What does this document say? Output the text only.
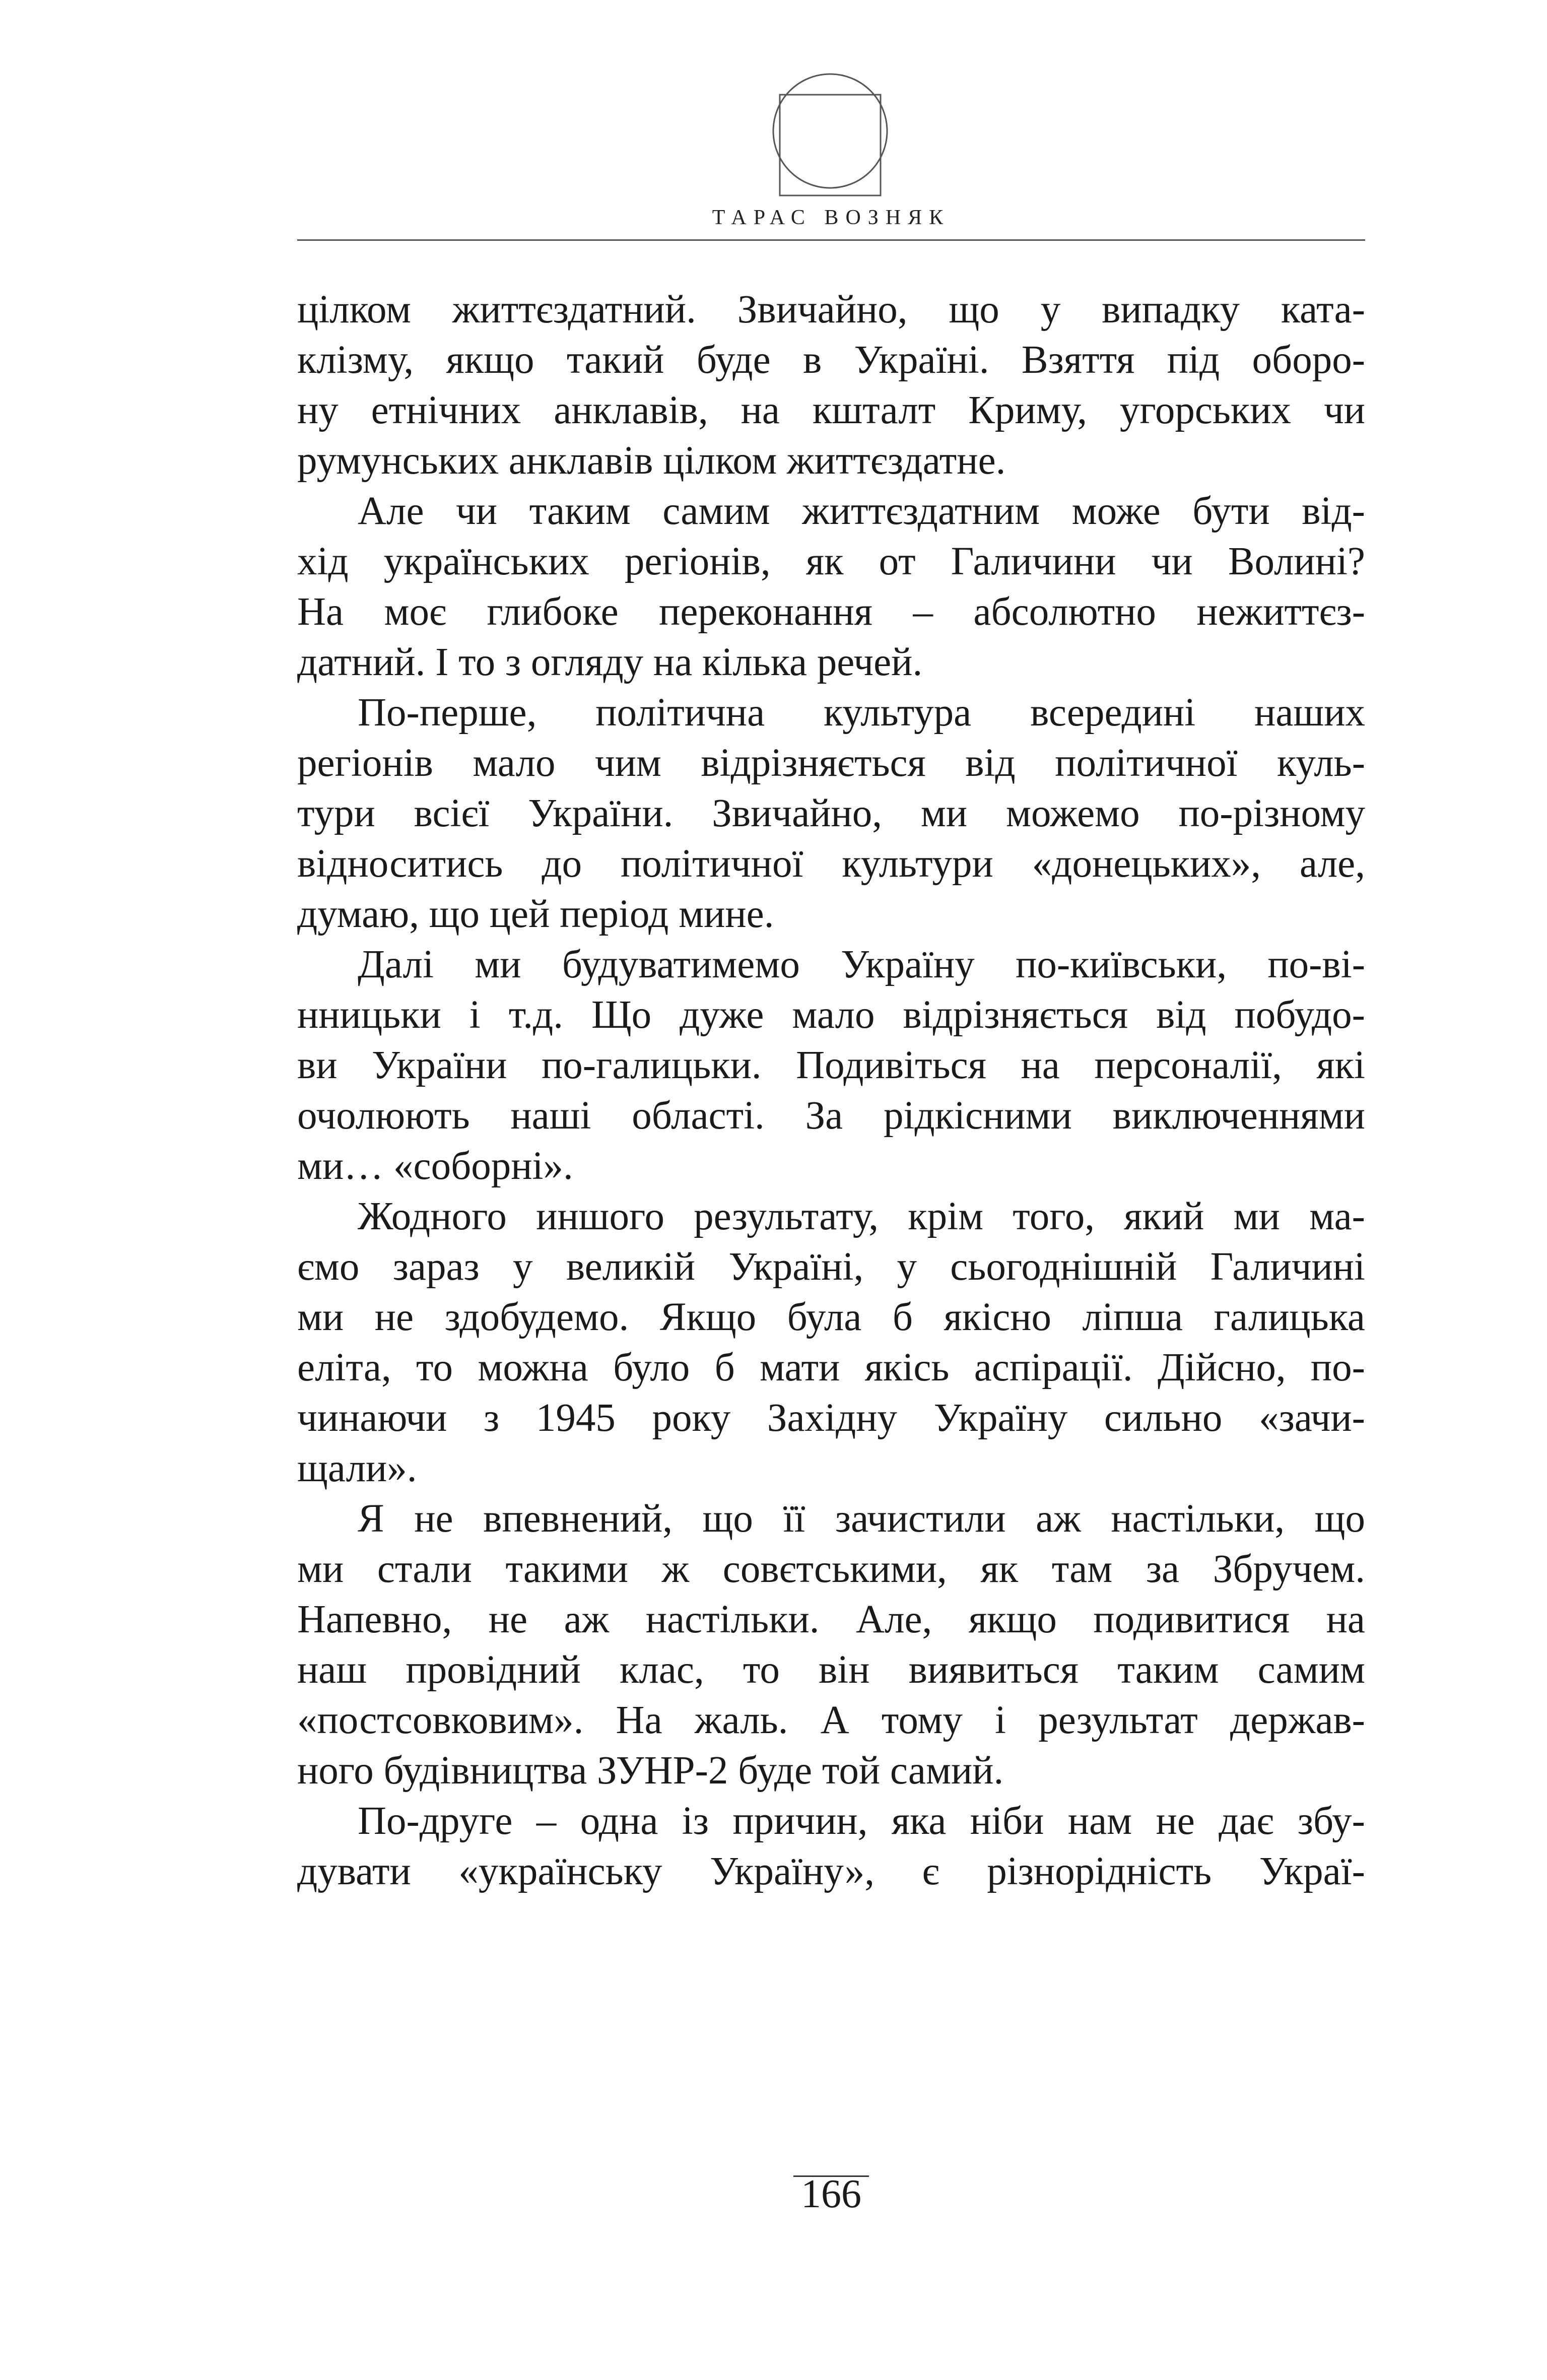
ТАРАС ВОЗНЯК
цілком життєздатний. Звичайно, що у випадку ката-
клізму, якщо такий буде в Україні. Взяття під оборо-
ну етнічних анклавів, на кшталт Криму, угорських чи
румунських анклавів цілком життєздатне.
Але чи таким самим життєздатним може бути від-
хід українських регіонів, як от Галичини чи Волині?
На моє глибоке переконання – абсолютно нежиттєз-
датний. І то з огляду на кілька речей.
По-перше, політична культура всередині наших
регіонів мало чим відрізняється від політичної куль-
тури всієї України. Звичайно, ми можемо по-різному
відноситись до політичної культури «донецьких», але,
думаю, що цей період мине.
Далі ми будуватимемо Україну по-київськи, по-ві-
нницьки і т.д. Що дуже мало відрізняється від побудо-
ви України по-галицьки. Подивіться на персоналії, які
очолюють наші області. За рідкісними виключеннями
ми… «соборні».
Жодного иншого результату, крім того, який ми ма-
ємо зараз у великій Україні, у сьогоднішній Галичині
ми не здобудемо. Якщо була б якісно ліпша галицька
еліта, то можна було б мати якісь аспірації. Дійсно, по-
чинаючи з 1945 року Західну Україну сильно «зачи-
щали».
Я не впевнений, що її зачистили аж настільки, що
ми стали такими ж совєтськими, як там за Збручем.
Напевно, не аж настільки. Але, якщо подивитися на
наш провідний клас, то він виявиться таким самим
«постсовковим». На жаль. А тому і результат держав-
ного будівництва ЗУНР-2 буде той самий.
По-друге – одна із причин, яка ніби нам не дає збу-
дувати «українську Україну», є різнорідність Украї-
166
